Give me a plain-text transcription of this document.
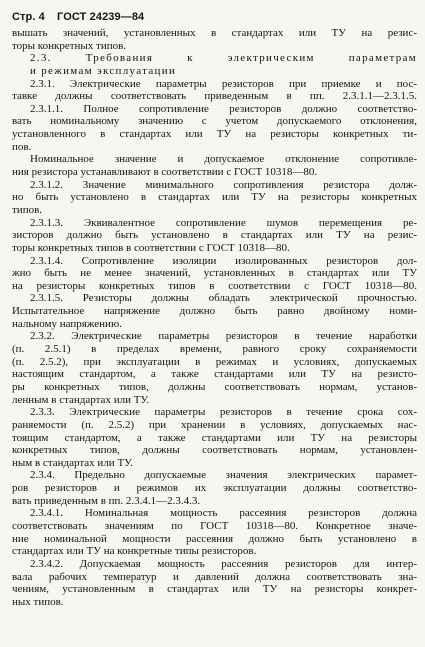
Стр. 4 ГОСТ 24239—84
вышать значений, установленных в стандартах или ТУ на резис-
торы конкретных типов.
2.3. Требования к электрическим параметрам
и режимам эксплуатации
2.3.1. Электрические параметры резисторов при приемке и пос-
тавке должны соответствовать приведенным в пп. 2.3.1.1—2.3.1.5.
2.3.1.1. Полное сопротивление резисторов должно соответство-
вать номинальному значению с учетом допускаемого отклонения,
установленного в стандартах или ТУ на резисторы конкретных ти-
пов.
Номинальное значение и допускаемое отклонение сопротивле-
ния резистора устанавливают в соответствии с ГОСТ 10318—80.
2.3.1.2. Значение минимального сопротивления резистора долж-
но быть установлено в стандартах или ТУ на резисторы конкретных
типов.
2.3.1.3. Эквивалентное сопротивление шумов перемещения ре-
зисторов должно быть установлено в стандартах или ТУ на резис-
торы конкретных типов в соответствии с ГОСТ 10318—80.
2.3.1.4. Сопротивление изоляции изолированных резисторов дол-
жно быть не менее значений, установленных в стандартах или ТУ
на резисторы конкретных типов в соответствии с ГОСТ 10318—80.
2.3.1.5. Резисторы должны обладать электрической прочностью.
Испытательное напряжение должно быть равно двойному номи-
нальному напряжению.
2.3.2. Электрические параметры резисторов в течение наработки
(п. 2.5.1) в пределах времени, равного сроку сохраняемости
(п. 2.5.2), при эксплуатации в режимах и условиях, допускаемых
настоящим стандартом, а также стандартами или ТУ на резисто-
ры конкретных типов, должны соответствовать нормам, установ-
ленным в стандартах или ТУ.
2.3.3. Электрические параметры резисторов в течение срока сох-
раняемости (п. 2.5.2) при хранении в условиях, допускаемых нас-
тоящим стандартом, а также стандартами или ТУ на резисторы
конкретных типов, должны соответствовать нормам, установлен-
ным в стандартах или ТУ.
2.3.4. Предельно допускаемые значения электрических парамет-
ров резисторов и режимов их эксплуатации должны соответство-
вать приведенным в пп. 2.3.4.1—2.3.4.3.
2.3.4.1. Номинальная мощность рассеяния резисторов должна
соответствовать значениям по ГОСТ 10318—80. Конкретное значе-
ние номинальной мощности рассеяния должно быть установлено в
стандартах или ТУ на конкретные типы резисторов.
2.3.4.2. Допускаемая мощность рассеяния резисторов для интер-
вала рабочих температур и давлений должна соответствовать зна-
чениям, установленным в стандартах или ТУ на резисторы конкрет-
ных типов.
